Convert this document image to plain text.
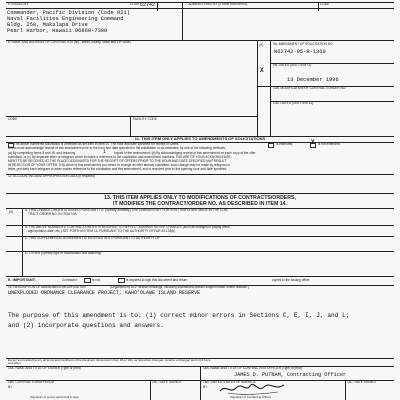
6. ISSUED BY	CODE 62742	7. ADMINISTERED BY (If other than Item 6)	CODE
Commander, Pacific Division (Code 021)
Naval Facilities Engineering Command
Bldg. 258, Makalapa Drive
Pearl Harbor, Hawaii 96860-7300
8. NAME AND ADDRESS OF CONTRACTOR (No., street, county, State and ZIP code)
(X)	9A. AMENDMENT OF SOLICITATION NO.
N62742-95-R-1369
X
9B. DATED (SEE ITEM 11)
13 December 1996
10A. MODIFICATION OF CONTRACT/ORDER NO.
10B. DATED (SEE ITEM 13)
CODE	FACILITY CODE
11. THIS ITEM ONLY APPLIES TO AMENDMENTS OF SOLICITATIONS
The above numbered solicitation is amended as set forth in Item 14. The hour and date specified for receipt of Offers	is extended,	X is not extended.
Offers must acknowledge receipt of this amendment prior to the hour and date specified in the solicitation or as amended, by one of the following methods:
(a) By completing Items 8 and 15, and returning	1 copies of the amendment; (b) By acknowledging receipt of this amendment on each copy of the offer
submitted; or (c) By separate letter or telegram which includes a reference to the solicitation and amendment numbers. FAILURE OF YOUR ACKNOWLEDGE-
MENT TO BE RECEIVED AT THE PLACE DESIGNATED FOR THE RECEIPT OF OFFERS PRIOR TO THE HOUR AND DATE SPECIFIED MAY RESULT
IN REJECTION OF YOUR OFFER. If by virtue of this amendment you desire to change an offer already submitted, such change may be made by telegram or
letter, provided each telegram or letter makes reference to the solicitation and this amendment, and is received prior to the opening hour and date specified.
12. ACCOUNTING AND APPROPRIATION DATA (If required)
13. THIS ITEM APPLIES ONLY TO MODIFICATIONS OF CONTRACTS/ORDERS,
IT MODIFIES THE CONTRACT/ORDER NO. AS DESCRIBED IN ITEM 14.
(X)	A. THIS CHANGE ORDER IS ISSUED PURSUANT TO: (Specify authority) THE CHANGES SET FORTH IN ITEM 14 ARE MADE IN THE CON-
TRACT ORDER NO. IN ITEM 10A.
B. THE ABOVE NUMBERED CONTRACT/ORDER IS MODIFIED TO REFLECT ADMINISTRATIVE CHANGES (such as changes in paying office,
appropriation date, etc.) SET FORTH IN ITEM 14, PURSUANT TO THE AUTHORITY OF FAR 43.103(b).
C. THIS SUPPLEMENTAL AGREEMENT IS ENTERED INTO PURSUANT TO AUTHORITY OF:
D. OTHER (Specify type of modification and authority)
E. IMPORTANT:	Contractor	is not,	is required to sign this document and return	copies to the issuing office.
14. DESCRIPTION OF AMENDMENT/MODIFICATION	(Organized by UCF section headings, including solicitation/contract subject matter where feasible.)
UNEXPLODED ORDNANCE CLEARANCE PROJECT, KAHO'OLAWE ISLAND RESERVE
The purpose of this amendment is to: (1) correct minor errors in Sections C, E, I, J, and L;
and (2) incorporate questions and answers.
Except as provided herein, all terms and conditions of the document referenced in Item 9A or 10A, as heretofore changed, remains unchanged and in full force
and effect.
15A. NAME AND TITLE OF SIGNER (Type or print)	16A. NAME AND TITLE OF CONTRACTING OFFICER (Type or print)
JAMES D. PUTNAM, Contracting Officer
15B. CONTRACTOR/OFFEROR	15C. DATE SIGNED	16B. UNITED STATES OF AMERICA	16C. DATE SIGNED
BY	BY
(Signature of person authorized to sign)	(Signature of Contracting Officer)
